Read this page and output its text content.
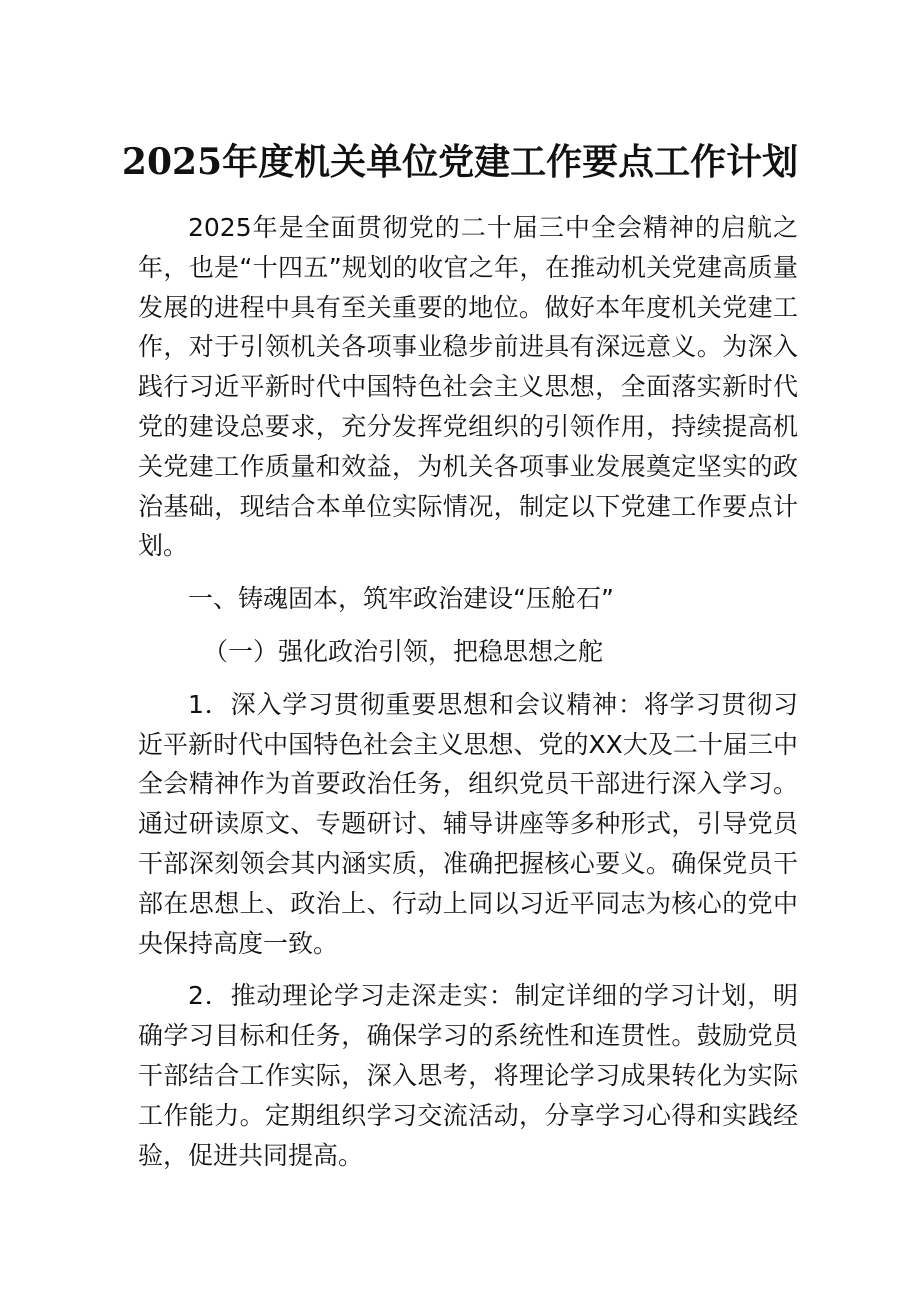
2025年度机关单位党建工作要点工作计划

2025年是全面贯彻党的二十届三中全会精神的启航之年，也是“十四五”规划的收官之年，在推动机关党建高质量发展的进程中具有至关重要的地位。做好本年度机关党建工作，对于引领机关各项事业稳步前进具有深远意义。为深入践行习近平新时代中国特色社会主义思想，全面落实新时代党的建设总要求，充分发挥党组织的引领作用，持续提高机关党建工作质量和效益，为机关各项事业发展奠定坚实的政治基础，现结合本单位实际情况，制定以下党建工作要点计划。

一、铸魂固本，筑牢政治建设“压舱石”

（一）强化政治引领，把稳思想之舵

1．深入学习贯彻重要思想和会议精神：将学习贯彻习近平新时代中国特色社会主义思想、党的XX大及二十届三中全会精神作为首要政治任务，组织党员干部进行深入学习。通过研读原文、专题研讨、辅导讲座等多种形式，引导党员干部深刻领会其内涵实质，准确把握核心要义。确保党员干部在思想上、政治上、行动上同以习近平同志为核心的党中央保持高度一致。

2．推动理论学习走深走实：制定详细的学习计划，明确学习目标和任务，确保学习的系统性和连贯性。鼓励党员干部结合工作实际，深入思考，将理论学习成果转化为实际工作能力。定期组织学习交流活动，分享学习心得和实践经验，促进共同提高。
